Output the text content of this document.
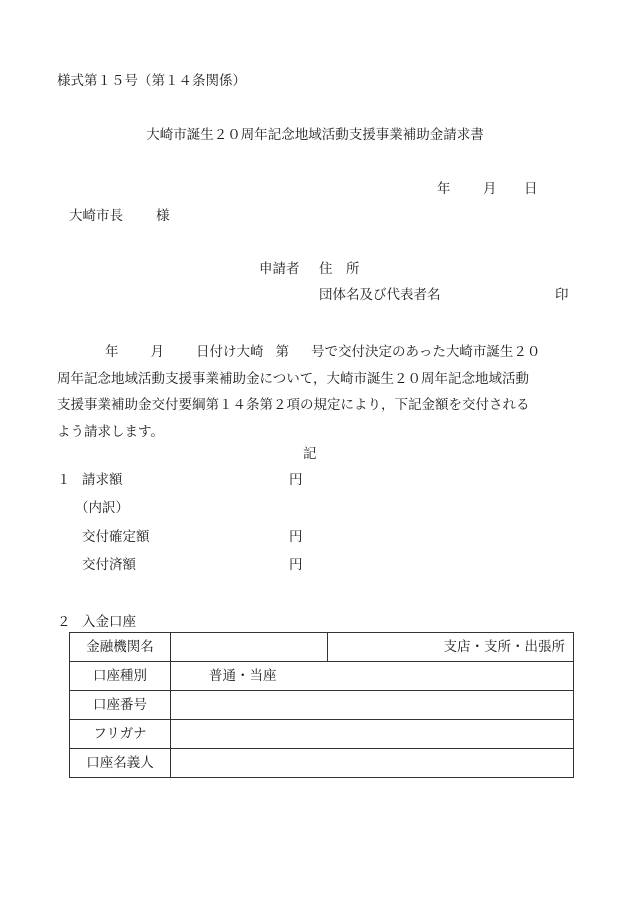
様式第１５号（第１４条関係）
大崎市誕生２０周年記念地域活動支援事業補助金請求書
年 月 日
大崎市長 様
申請者 住　所
団体名及び代表者名	印
年 月 日付け大崎 第 号で交付決定のあった大崎市誕生２０
周年記念地域活動支援事業補助金について，大崎市誕生２０周年記念地域活動
支援事業補助金交付要綱第１４条第２項の規定により，下記金額を交付される
よう請求します。
記
１ 請求額	円
（内訳）
交付確定額	円
交付済額	円
２ 入金口座
金融機関名		支店・支所・出張所
口座種別	普通・当座	
口座番号		
フリガナ		
口座名義人		
